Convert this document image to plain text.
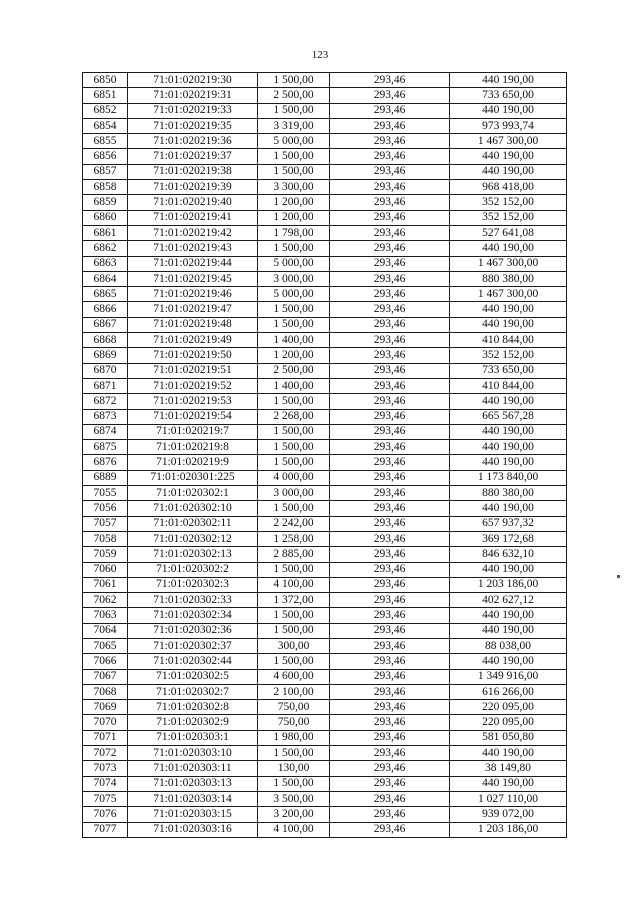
123
6850	71:01:020219:30	1 500,00	293,46	440 190,00
6851	71:01:020219:31	2 500,00	293,46	733 650,00
6852	71:01:020219:33	1 500,00	293,46	440 190,00
6854	71:01:020219:35	3 319,00	293,46	973 993,74
6855	71:01:020219:36	5 000,00	293,46	1 467 300,00
6856	71:01:020219:37	1 500,00	293,46	440 190,00
6857	71:01:020219:38	1 500,00	293,46	440 190,00
6858	71:01:020219:39	3 300,00	293,46	968 418,00
6859	71:01:020219:40	1 200,00	293,46	352 152,00
6860	71:01:020219:41	1 200,00	293,46	352 152,00
6861	71:01:020219:42	1 798,00	293,46	527 641,08
6862	71:01:020219:43	1 500,00	293,46	440 190,00
6863	71:01:020219:44	5 000,00	293,46	1 467 300,00
6864	71:01:020219:45	3 000,00	293,46	880 380,00
6865	71:01:020219:46	5 000,00	293,46	1 467 300,00
6866	71:01:020219:47	1 500,00	293,46	440 190,00
6867	71:01:020219:48	1 500,00	293,46	440 190,00
6868	71:01:020219:49	1 400,00	293,46	410 844,00
6869	71:01:020219:50	1 200,00	293,46	352 152,00
6870	71:01:020219:51	2 500,00	293,46	733 650,00
6871	71:01:020219:52	1 400,00	293,46	410 844,00
6872	71:01:020219:53	1 500,00	293,46	440 190,00
6873	71:01:020219:54	2 268,00	293,46	665 567,28
6874	71:01:020219:7	1 500,00	293,46	440 190,00
6875	71:01:020219:8	1 500,00	293,46	440 190,00
6876	71:01:020219:9	1 500,00	293,46	440 190,00
6889	71:01:020301:225	4 000,00	293,46	1 173 840,00
7055	71:01:020302:1	3 000,00	293,46	880 380,00
7056	71:01:020302:10	1 500,00	293,46	440 190,00
7057	71:01:020302:11	2 242,00	293,46	657 937,32
7058	71:01:020302:12	1 258,00	293,46	369 172,68
7059	71:01:020302:13	2 885,00	293,46	846 632,10
7060	71:01:020302:2	1 500,00	293,46	440 190,00
7061	71:01:020302:3	4 100,00	293,46	1 203 186,00
7062	71:01:020302:33	1 372,00	293,46	402 627,12
7063	71:01:020302:34	1 500,00	293,46	440 190,00
7064	71:01:020302:36	1 500,00	293,46	440 190,00
7065	71:01:020302:37	300,00	293,46	88 038,00
7066	71:01:020302:44	1 500,00	293,46	440 190,00
7067	71:01:020302:5	4 600,00	293,46	1 349 916,00
7068	71:01:020302:7	2 100,00	293,46	616 266,00
7069	71:01:020302:8	750,00	293,46	220 095,00
7070	71:01:020302:9	750,00	293,46	220 095,00
7071	71:01:020303:1	1 980,00	293,46	581 050,80
7072	71:01:020303:10	1 500,00	293,46	440 190,00
7073	71:01:020303:11	130,00	293,46	38 149,80
7074	71:01:020303:13	1 500,00	293,46	440 190,00
7075	71:01:020303:14	3 500,00	293,46	1 027 110,00
7076	71:01:020303:15	3 200,00	293,46	939 072,00
7077	71:01:020303:16	4 100,00	293,46	1 203 186,00
